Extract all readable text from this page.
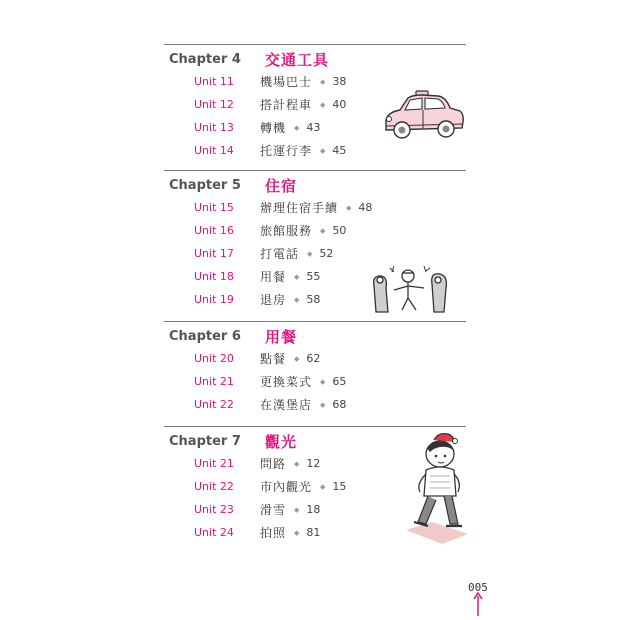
Chapter 4	交通工具
Unit 11	機場巴士 ◆ 38
Unit 12	搭計程車 ◆ 40
Unit 13	轉機 ◆ 43
Unit 14	托運行李 ◆ 45
Chapter 5	住宿
Unit 15	辦理住宿手續 ◆ 48
Unit 16	旅館服務 ◆ 50
Unit 17	打電話 ◆ 52
Unit 18	用餐 ◆ 55
Unit 19	退房 ◆ 58
Chapter 6	用餐
Unit 20	點餐 ◆ 62
Unit 21	更換菜式 ◆ 65
Unit 22	在漢堡店 ◆ 68
Chapter 7	觀光
Unit 21	問路 ◆ 12
Unit 22	市內觀光 ◆ 15
Unit 23	滑雪 ◆ 18
Unit 24	拍照 ◆ 81
005
